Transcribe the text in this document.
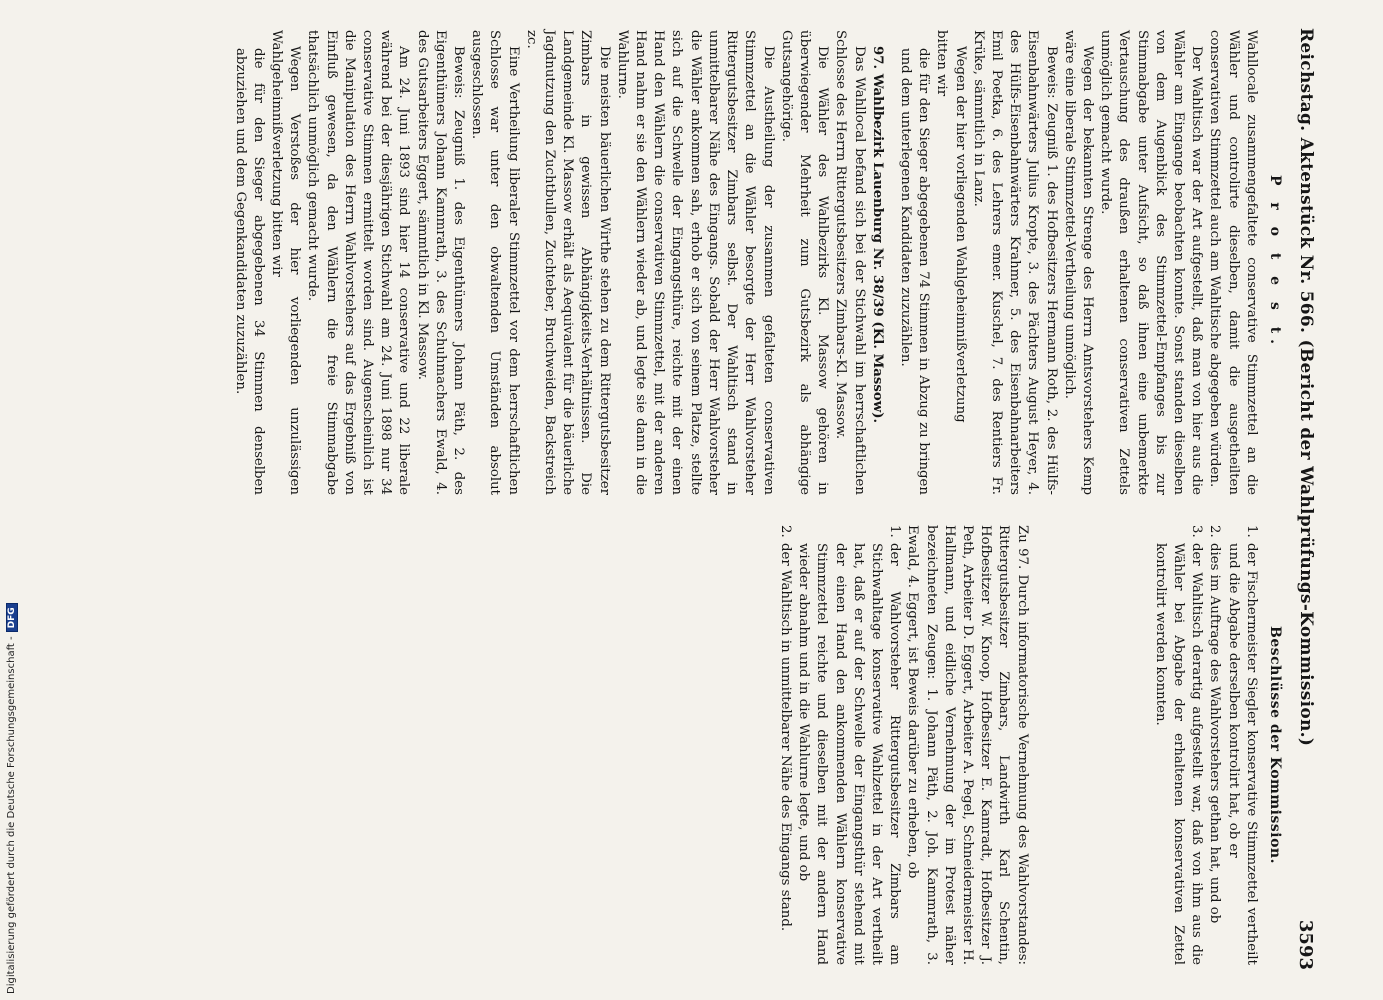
Reichstag. Aktenstück Nr. 566. (Bericht der Wahlprüfungs-Kommission.)
3593
P r o t e s t.

Wahllocale zusammengefaltete conservative Stimmzettel an die Wähler und controlirte dieselben, damit die ausgetheilten conservativen Stimmzettel auch am Wahltische abgegeben würden.

Der Wahltisch war der Art aufgestellt, daß man von hier aus die Wähler am Eingange beobachten konnte. Sonst standen dieselben von dem Augenblick des Stimmzettel-Empfanges bis zur Stimmabgabe unter Aufsicht, so daß ihnen eine unbemerkte Vertauschung des draußen erhaltenen conservativen Zettels unmöglich gemacht wurde.

Wegen der bekannten Strenge des Herrn Amtsvorstehers Kemp wäre eine liberale Stimmzettel-Vertheilung unmöglich.

Beweis: Zeugniß 1. des Hofbesitzers Hermann Roth, 2. des Hülfs-Eisenbahnwärters Julius Kropte, 3. des Pächters August Heyer, 4. des Hülfs-Eisenbahnwärters Krahmer, 5. des Eisenbahnarbeiters Emil Poetka, 6. des Lehrers emer. Kuschel, 7. des Rentiers Fr. Krüke, sämmtlich in Lanz.

Wegen der hier vorliegenden Wahlgeheimnißverletzung

bitten wir

die für den Sieger abgegebenen 74 Stimmen in Abzug zu bringen und dem unterlegenen Kandidaten zuzuzählen.

97. Wahlbezirk Lauenburg Nr. 38/39 (Kl. Massow).

Das Wahllocal befand sich bei der Stichwahl im herrschaftlichen Schlosse des Herrn Rittergutsbesitzers Zimbars-Kl. Massow.

Die Wähler des Wahlbezirks Kl. Massow gehören in überwiegender Mehrheit zum Gutsbezirk als abhängige Gutsangehörige.

Die Austheilung der zusammen gefalteten conservativen Stimmzettel an die Wähler besorgte der Herr Wahlvorsteher Rittergutsbesitzer Zimbars selbst. Der Wahltisch stand in unmittelbarer Nähe des Eingangs. Sobald der Herr Wahlvorsteher die Wähler ankommen sah, erhob er sich von seinem Platze, stellte sich auf die Schwelle der Eingangsthüre, reichte mit der einen Hand den Wählern die conservativen Stimmzettel, mit der anderen Hand nahm er sie den Wählern wieder ab, und legte sie dann in die Wahlurne.

Die meisten bäuerlichen Wirthe stehen zu dem Rittergutsbesitzer Zimbars in gewissen Abhängigkeits-Verhältnissen. Die Landgemeinde Kl. Massow erhält als Aequivalent für die bäuerliche Jagdnutzung den Zuchtbullen, Zuchteber, Bruchweiden, Backstreich zc.

Eine Vertheilung liberaler Stimmzettel vor dem herrschaftlichen Schlosse war unter den obwaltenden Umständen absolut ausgeschlossen.

Beweis: Zeugniß 1. des Eigenthümers Johann Päth, 2. des Eigenthümers Johann Kammrath, 3. des Schuhmachers Ewald, 4. des Gutsarbeiters Eggert, sämmtlich in Kl. Massow.

Am 24. Juni 1893 sind hier 14 conservative und 22 liberale während bei der diesjährigen Stichwahl am 24. Juni 1898 nur 34 conservative Stimmen ermittelt worden sind. Augenscheinlich ist die Manipulation des Herrn Wahlvorstehers auf das Ergebniß von Einfluß gewesen, da den Wählern die freie Stimmabgabe thatsächlich unmöglich gemacht wurde.

Wegen Verstoßes der hier vorliegenden unzulässigen Wahlgeheimnißverletzung bitten wir

die für den Sieger abgegebenen 34 Stimmen denselben abzuziehen und dem Gegenkandidaten zuzuzählen.

Beschlüsse der Kommission.
1.
der Fischermeister Siegler konservative Stimmzettel vertheilt und die Abgabe derselben kontrolirt hat, ob er
2.
dies im Auftrage des Wahlvorstehers gethan hat, und ob
3.
der Wahltisch derartig aufgestellt war, daß von ihm aus die Wähler bei Abgabe der erhaltenen konservativen Zettel kontrolirt werden konnten.

Zu 97. Durch informatorische Vernehmung des Wahlvorstandes: Rittergutsbesitzer Zimbars, Landwirth Karl Schentin, Hofbesitzer W. Knoop, Hofbesitzer E. Kamradt, Hofbesitzer J. Peth, Arbeiter D. Eggert, Arbeiter A. Pegel, Schneidermeister H. Hallmann, und eidliche Vernehmung der im Protest näher bezeichneten Zeugen: 1. Johann Päth, 2. Joh. Kammrath, 3. Ewald, 4. Eggert, ist Beweis darüber zu erheben, ob

1.
der Wahlvorsteher Rittergutsbesitzer Zimbars am Stichwahltage konservative Wahlzettel in der Art vertheilt hat, daß er auf der Schwelle der Eingangsthür stehend mit der einen Hand den ankommenden Wählern konservative Stimmzettel reichte und dieselben mit der andern Hand wieder abnahm und in die Wahlurne legte, und ob
2.
der Wahltisch in unmittelbarer Nähe des Eingangs stand.
Digitalisierung gefördert durch die Deutsche Forschungsgemeinschaft -DFG
